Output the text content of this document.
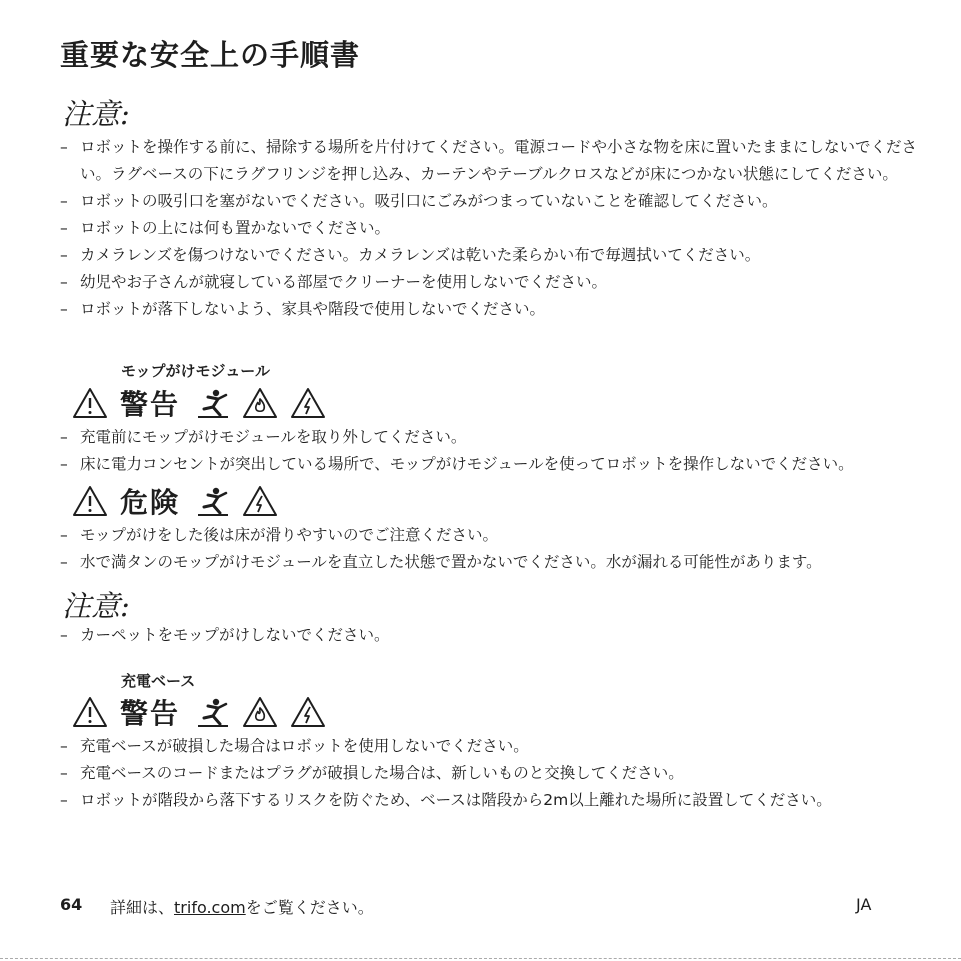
重要な安全上の手順書
注意:
– ロボットを操作する前に、掃除する場所を片付けてください。電源コードや小さな物を床に置いたままにしないでください。ラグベースの下にラグフリンジを押し込み、カーテンやテーブルクロスなどが床につかない状態にしてください。
– ロボットの吸引口を塞がないでください。吸引口にごみがつまっていないことを確認してください。
– ロボットの上には何も置かないでください。
– カメラレンズを傷つけないでください。カメラレンズは乾いた柔らかい布で毎週拭いてください。
– 幼児やお子さんが就寝している部屋でクリーナーを使用しないでください。
– ロボットが落下しないよう、家具や階段で使用しないでください。
モップがけモジュール
警告
– 充電前にモップがけモジュールを取り外してください。
– 床に電力コンセントが突出している場所で、モップがけモジュールを使ってロボットを操作しないでください。
危険
– モップがけをした後は床が滑りやすいのでご注意ください。
– 水で満タンのモップがけモジュールを直立した状態で置かないでください。水が漏れる可能性があります。
注意:
– カーペットをモップがけしないでください。
充電ベース
警告
– 充電ベースが破損した場合はロボットを使用しないでください。
– 充電ベースのコードまたはプラグが破損した場合は、新しいものと交換してください。
– ロボットが階段から落下するリスクを防ぐため、ベースは階段から2m以上離れた場所に設置してください。
64 詳細は、trifo.comをご覧ください。	JA
